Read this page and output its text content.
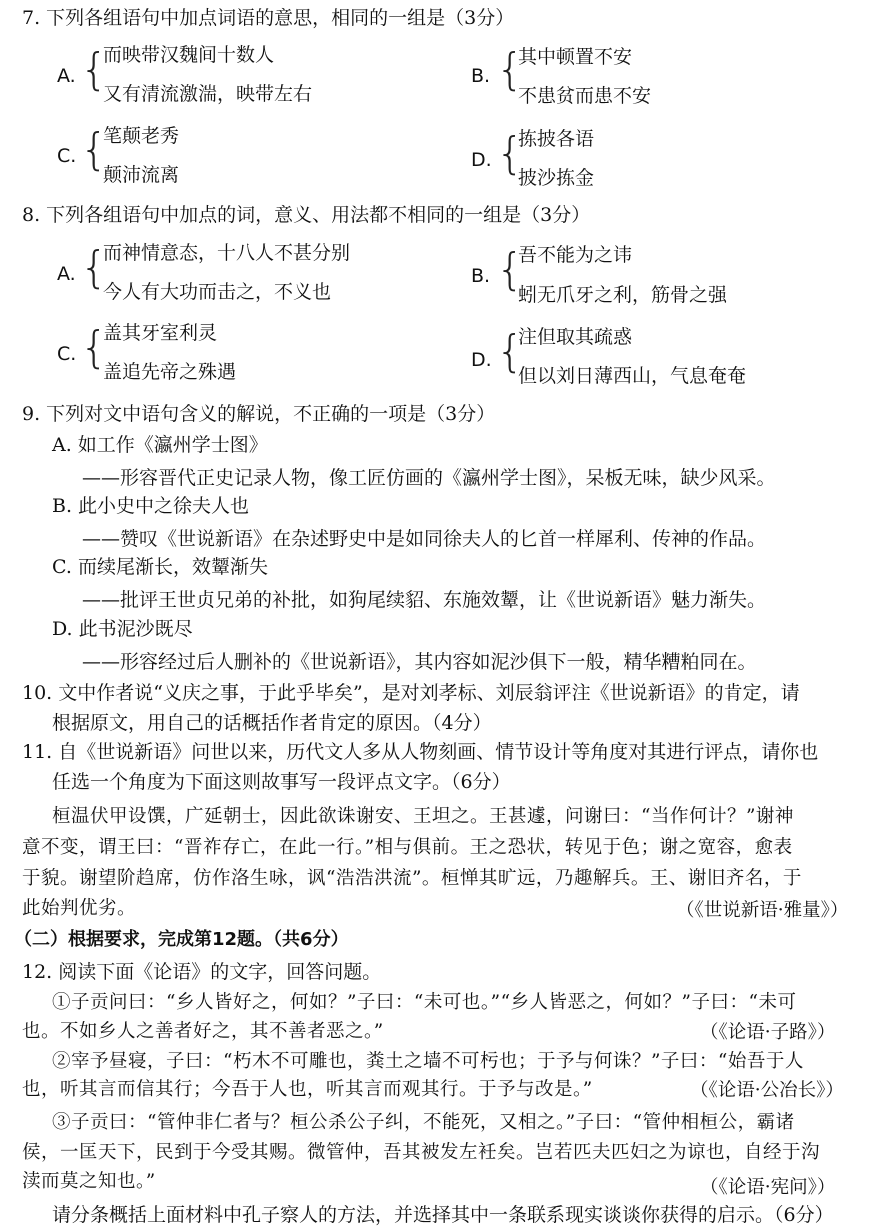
7. 下列各组语句中加点词语的意思，相同的一组是（3分）
A. {
而映带汉魏间十数人
又有清流激湍，映带左右
B. {
其中顿置不安
不患贫而患不安
C. {
笔颠老秀
颠沛流离
D. {
拣披各语
披沙拣金
8. 下列各组语句中加点的词，意义、用法都不相同的一组是（3分）
A. {
而神情意态，十八人不甚分别
今人有大功而击之，不义也
B. {
吾不能为之讳
蚓无爪牙之利，筋骨之强
C. {
盖其牙室利灵
盖追先帝之殊遇
D. {
注但取其疏惑
但以刘日薄西山，气息奄奄
9. 下列对文中语句含义的解说，不正确的一项是（3分）
A. 如工作《瀛州学士图》
——形容晋代正史记录人物，像工匠仿画的《瀛州学士图》，呆板无味，缺少风采。
B. 此小史中之徐夫人也
——赞叹《世说新语》在杂述野史中是如同徐夫人的匕首一样犀利、传神的作品。
C. 而续尾渐长，效颦渐失
——批评王世贞兄弟的补批，如狗尾续貂、东施效颦，让《世说新语》魅力渐失。
D. 此书泥沙既尽
——形容经过后人删补的《世说新语》，其内容如泥沙俱下一般，精华糟粕同在。
10. 文中作者说“义庆之事，于此乎毕矣”，是对刘孝标、刘辰翁评注《世说新语》的肯定，请
根据原文，用自己的话概括作者肯定的原因。（4分）
11. 自《世说新语》问世以来，历代文人多从人物刻画、情节设计等角度对其进行评点，请你也
任选一个角度为下面这则故事写一段评点文字。（6分）
桓温伏甲设馔，广延朝士，因此欲诛谢安、王坦之。王甚遽，问谢曰：“当作何计？”谢神
意不变，谓王曰：“晋祚存亡，在此一行。”相与俱前。王之恐状，转见于色；谢之宽容，愈表
于貌。谢望阶趋席，仿作洛生咏，讽“浩浩洪流”。桓惮其旷远，乃趣解兵。王、谢旧齐名，于
此始判优劣。	（《世说新语·雅量》）
（二）根据要求，完成第12题。（共6分）
12. 阅读下面《论语》的文字，回答问题。
①子贡问曰：“乡人皆好之，何如？”子曰：“未可也。”“乡人皆恶之，何如？”子曰：“未可
也。不如乡人之善者好之，其不善者恶之。”	（《论语·子路》）
②宰予昼寝，子曰：“朽木不可雕也，粪土之墙不可杇也；于予与何诛？”子曰：“始吾于人
也，听其言而信其行；今吾于人也，听其言而观其行。于予与改是。”	（《论语·公冶长》）
③子贡曰：“管仲非仁者与？桓公杀公子纠，不能死，又相之。”子曰：“管仲相桓公，霸诸
侯，一匡天下，民到于今受其赐。微管仲，吾其被发左衽矣。岂若匹夫匹妇之为谅也，自经于沟
渎而莫之知也。”	（《论语·宪问》）
请分条概括上面材料中孔子察人的方法，并选择其中一条联系现实谈谈你获得的启示。（6分）
